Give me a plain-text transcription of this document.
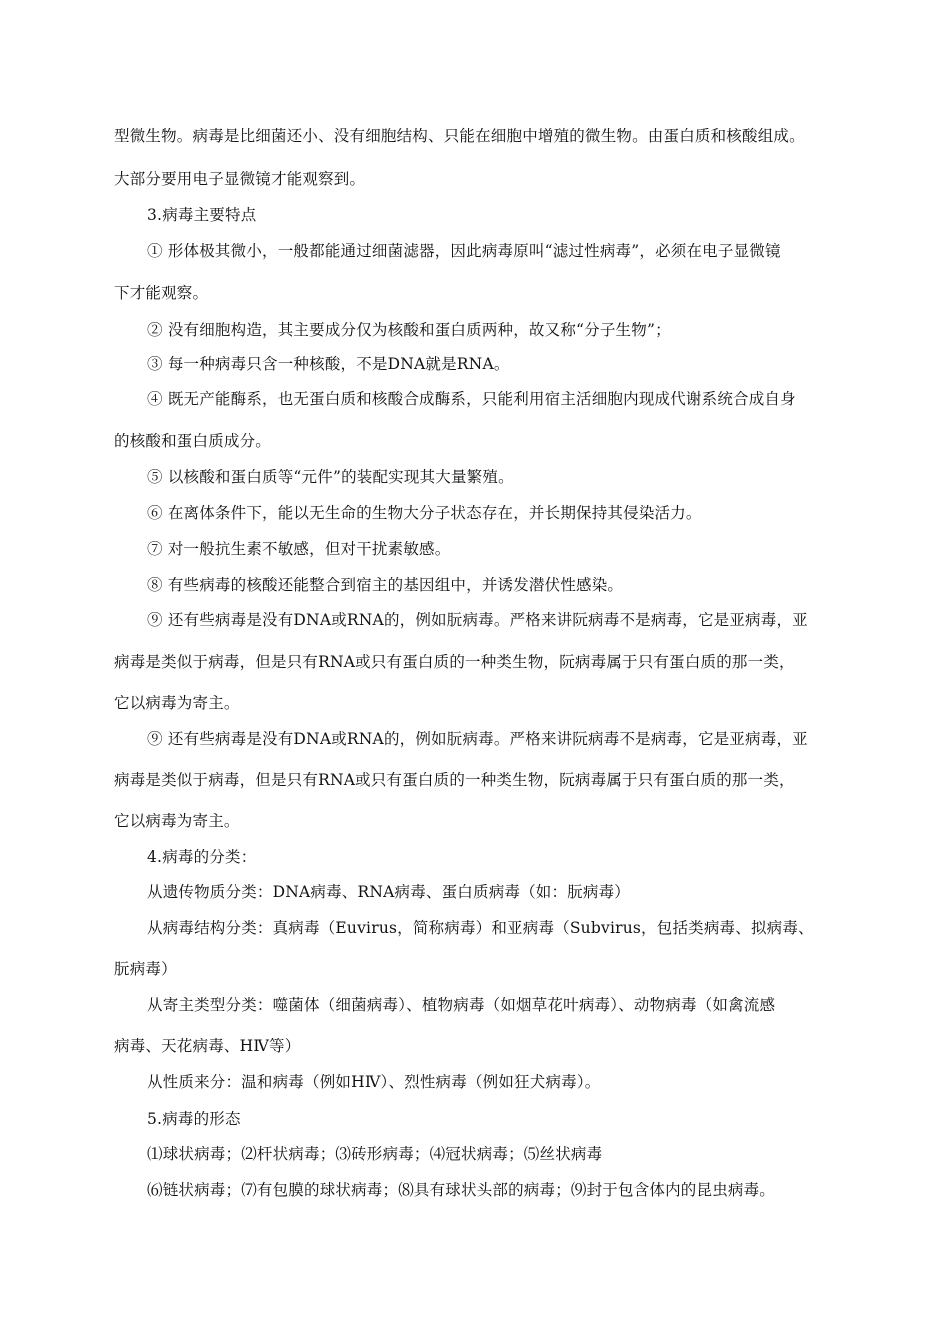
型微生物。病毒是比细菌还小、没有细胞结构、只能在细胞中增殖的微生物。由蛋白质和核酸组成。
大部分要用电子显微镜才能观察到。
3.病毒主要特点
① 形体极其微小，一般都能通过细菌滤器，因此病毒原叫“滤过性病毒”，必须在电子显微镜
下才能观察。
② 没有细胞构造，其主要成分仅为核酸和蛋白质两种，故又称“分子生物”；
③ 每一种病毒只含一种核酸，不是DNA就是RNA。
④ 既无产能酶系，也无蛋白质和核酸合成酶系，只能利用宿主活细胞内现成代谢系统合成自身
的核酸和蛋白质成分。
⑤ 以核酸和蛋白质等“元件”的装配实现其大量繁殖。
⑥ 在离体条件下，能以无生命的生物大分子状态存在，并长期保持其侵染活力。
⑦ 对一般抗生素不敏感，但对干扰素敏感。
⑧ 有些病毒的核酸还能整合到宿主的基因组中，并诱发潜伏性感染。
⑨ 还有些病毒是没有DNA或RNA的，例如朊病毒。严格来讲阮病毒不是病毒，它是亚病毒，亚
病毒是类似于病毒，但是只有RNA或只有蛋白质的一种类生物，阮病毒属于只有蛋白质的那一类，
它以病毒为寄主。
⑨ 还有些病毒是没有DNA或RNA的，例如朊病毒。严格来讲阮病毒不是病毒，它是亚病毒，亚
病毒是类似于病毒，但是只有RNA或只有蛋白质的一种类生物，阮病毒属于只有蛋白质的那一类，
它以病毒为寄主。
4.病毒的分类：
从遗传物质分类：DNA病毒、RNA病毒、蛋白质病毒（如：朊病毒）
从病毒结构分类：真病毒（Euvirus，简称病毒）和亚病毒（Subvirus，包括类病毒、拟病毒、
朊病毒）
从寄主类型分类：噬菌体（细菌病毒）、植物病毒（如烟草花叶病毒）、动物病毒（如禽流感
病毒、天花病毒、HⅣ等）
从性质来分：温和病毒（例如HⅣ）、烈性病毒（例如狂犬病毒）。
5.病毒的形态
⑴球状病毒；⑵杆状病毒；⑶砖形病毒；⑷冠状病毒；⑸丝状病毒
⑹链状病毒；⑺有包膜的球状病毒；⑻具有球状头部的病毒；⑼封于包含体内的昆虫病毒。
